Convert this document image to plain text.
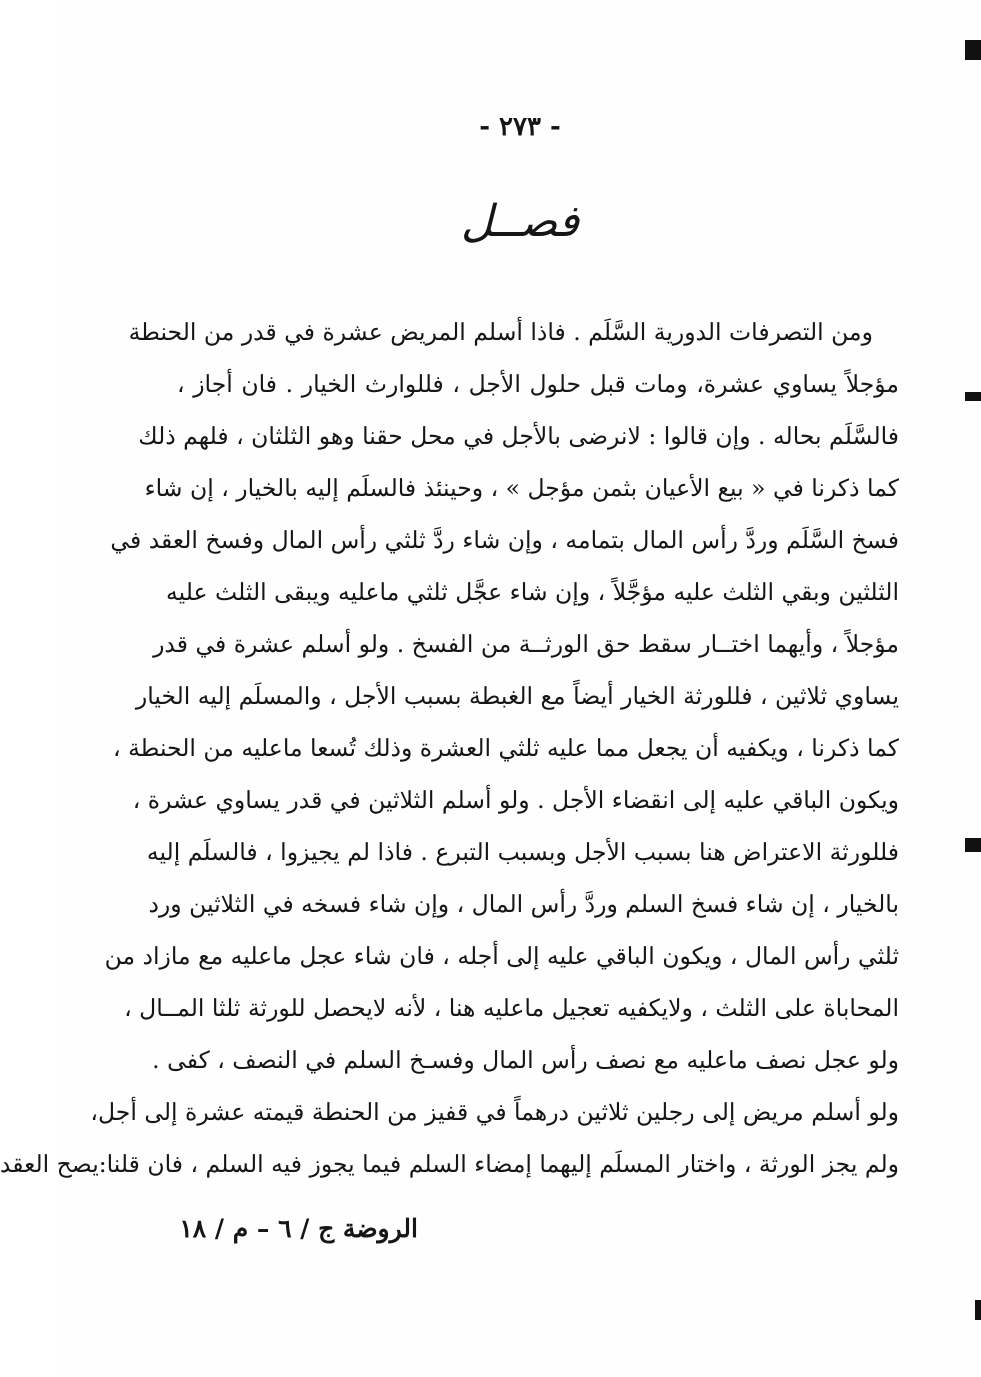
- ٢٧٣ -
فصــل
ومن التصرفات الدورية السَّلَم . فاذا أسلم المريض عشرة في قدر من الحنطة
مؤجلاً يساوي عشرة، ومات قبل حلول الأجل ، فللوارث الخيار . فان أجاز ،
فالسَّلَم بحاله . وإن قالوا : لانرضى بالأجل في محل حقنا وهو الثلثان ، فلهم ذلك
كما ذكرنا في « بيع الأعيان بثمن مؤجل » ، وحينئذ فالسلَم إليه بالخيار ، إن شاء
فسخ السَّلَم وردَّ رأس المال بتمامه ، وإن شاء ردَّ ثلثي رأس المال وفسخ العقد في
الثلثين وبقي الثلث عليه مؤجَّلاً ، وإن شاء عجَّل ثلثي ماعليه ويبقى الثلث عليه
مؤجلاً ، وأيهما اختــار سقط حق الورثــة من الفسخ . ولو أسلم عشرة في قدر
يساوي ثلاثين ، فللورثة الخيار أيضاً مع الغبطة بسبب الأجل ، والمسلَم إليه الخيار
كما ذكرنا ، ويكفيه أن يجعل مما عليه ثلثي العشرة وذلك تُسعا ماعليه من الحنطة ،
ويكون الباقي عليه إلى انقضاء الأجل . ولو أسلم الثلاثين في قدر يساوي عشرة ،
فللورثة الاعتراض هنا بسبب الأجل وبسبب التبرع . فاذا لم يجيزوا ، فالسلَم إليه
بالخيار ، إن شاء فسخ السلم وردَّ رأس المال ، وإن شاء فسخه في الثلاثين ورد
ثلثي رأس المال ، ويكون الباقي عليه إلى أجله ، فان شاء عجل ماعليه مع مازاد من
المحاباة على الثلث ، ولايكفيه تعجيل ماعليه هنا ، لأنه لايحصل للورثة ثلثا المــال ،
ولو عجل نصف ماعليه مع نصف رأس المال وفسـخ السلم في النصف ، كفى .
ولو أسلم مريض إلى رجلين ثلاثين درهماً في قفيز من الحنطة قيمته عشرة إلى أجل،
ولم يجز الورثة ، واختار المسلَم إليهما إمضاء السلم فيما يجوز فيه السلم ، فان قلنا:يصح العقد
الروضة ج / ٦ – م / ١٨
